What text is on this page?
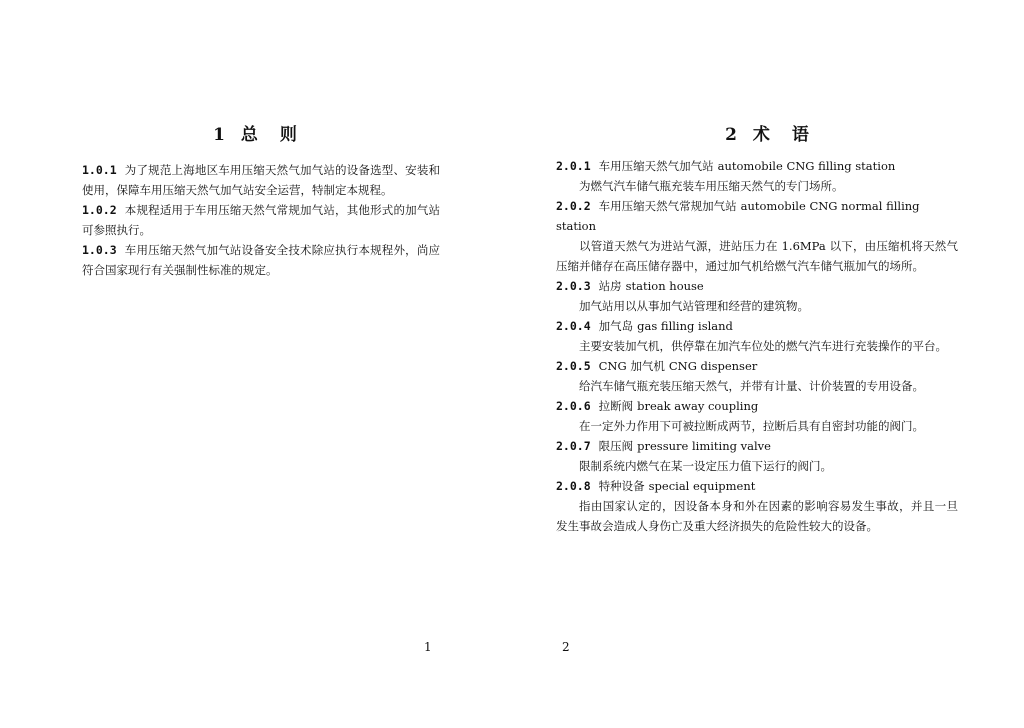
1 总 则

1.0.1 为了规范上海地区车用压缩天然气加气站的设备选型、安装和使用，保障车用压缩天然气加气站安全运营，特制定本规程。

1.0.2 本规程适用于车用压缩天然气常规加气站，其他形式的加气站可参照执行。

1.0.3 车用压缩天然气加气站设备安全技术除应执行本规程外，尚应符合国家现行有关强制性标准的规定。

1
2 术 语

2.0.1 车用压缩天然气加气站 automobile CNG filling station

为燃气汽车储气瓶充装车用压缩天然气的专门场所。

2.0.2 车用压缩天然气常规加气站 automobile CNG normal filling station

以管道天然气为进站气源，进站压力在 1.6MPa 以下，由压缩机将天然气压缩并储存在高压储存器中，通过加气机给燃气汽车储气瓶加气的场所。

2.0.3 站房 station house

加气站用以从事加气站管理和经营的建筑物。

2.0.4 加气岛 gas filling island

主要安装加气机，供停靠在加汽车位处的燃气汽车进行充装操作的平台。

2.0.5 CNG 加气机 CNG dispenser

给汽车储气瓶充装压缩天然气，并带有计量、计价装置的专用设备。

2.0.6 拉断阀 break away coupling

在一定外力作用下可被拉断成两节，拉断后具有自密封功能的阀门。

2.0.7 限压阀 pressure limiting valve

限制系统内燃气在某一设定压力值下运行的阀门。

2.0.8 特种设备 special equipment

指由国家认定的，因设备本身和外在因素的影响容易发生事故，并且一旦发生事故会造成人身伤亡及重大经济损失的危险性较大的设备。

2
